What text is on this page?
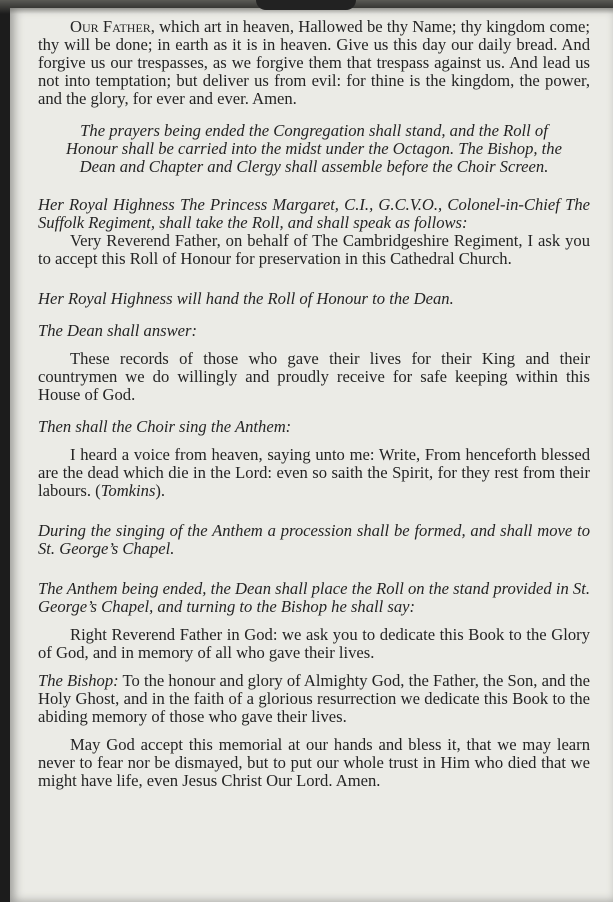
Our Father, which art in heaven, Hallowed be thy Name; thy kingdom come; thy will be done; in earth as it is in heaven. Give us this day our daily bread. And forgive us our trespasses, as we forgive them that trespass against us. And lead us not into temptation; but deliver us from evil: for thine is the kingdom, the power, and the glory, for ever and ever. Amen.

The prayers being ended the Congregation shall stand, and the Roll of Honour shall be carried into the midst under the Octagon. The Bishop, the Dean and Chapter and Clergy shall assemble before the Choir Screen.

Her Royal Highness The Princess Margaret, C.I., G.C.V.O., Colonel-in-Chief The Suffolk Regiment, shall take the Roll, and shall speak as follows:

Very Reverend Father, on behalf of The Cambridgeshire Regiment, I ask you to accept this Roll of Honour for preservation in this Cathedral Church.

Her Royal Highness will hand the Roll of Honour to the Dean.

The Dean shall answer:

These records of those who gave their lives for their King and their countrymen we do willingly and proudly receive for safe keeping within this House of God.

Then shall the Choir sing the Anthem:

I heard a voice from heaven, saying unto me: Write, From henceforth blessed are the dead which die in the Lord: even so saith the Spirit, for they rest from their labours. (Tomkins).

During the singing of the Anthem a procession shall be formed, and shall move to St. George’s Chapel.

The Anthem being ended, the Dean shall place the Roll on the stand provided in St. George’s Chapel, and turning to the Bishop he shall say:

Right Reverend Father in God: we ask you to dedicate this Book to the Glory of God, and in memory of all who gave their lives.

The Bishop: To the honour and glory of Almighty God, the Father, the Son, and the Holy Ghost, and in the faith of a glorious resurrection we dedicate this Book to the abiding memory of those who gave their lives.

May God accept this memorial at our hands and bless it, that we may learn never to fear nor be dismayed, but to put our whole trust in Him who died that we might have life, even Jesus Christ Our Lord. Amen.
